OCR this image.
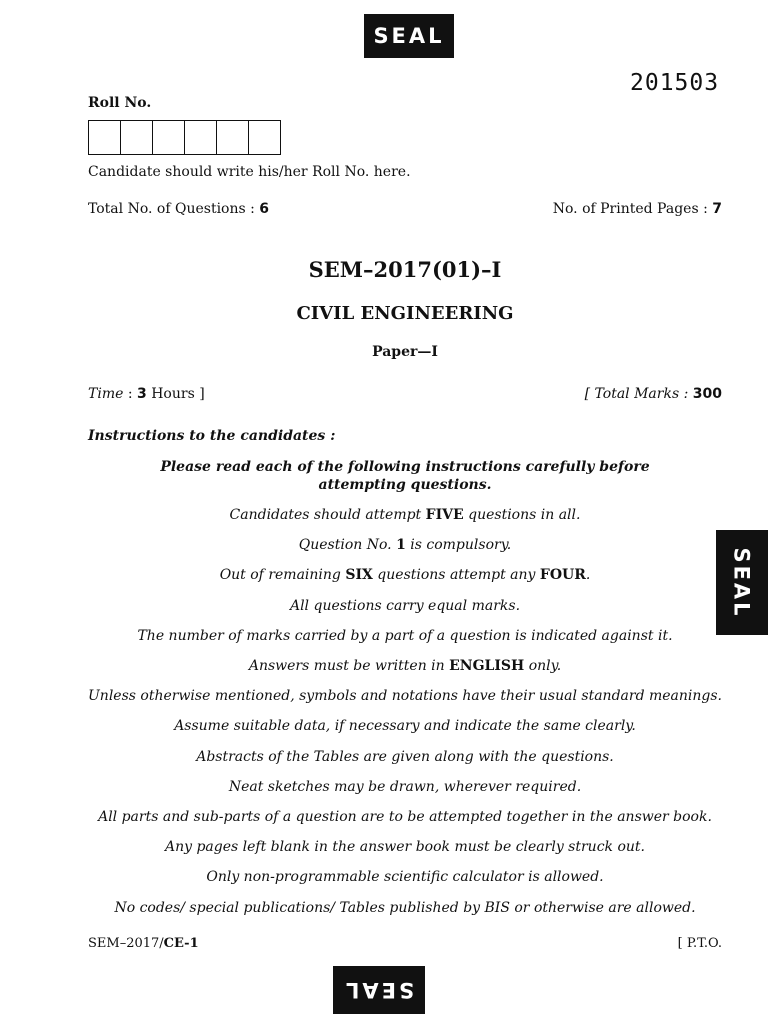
SEAL
SEAL
SEAL
201503
Roll No.
Candidate should write his/her Roll No. here.
Total No. of Questions : 6	No. of Printed Pages : 7
SEM–2017(01)–I
CIVIL ENGINEERING
Paper—I
Time : 3 Hours ]	[ Total Marks : 300
Instructions to the candidates :
Please read each of the following instructions carefully before attempting questions.
Candidates should attempt FIVE questions in all.
Question No. 1 is compulsory.
Out of remaining SIX questions attempt any FOUR.
All questions carry equal marks.
The number of marks carried by a part of a question is indicated against it.
Answers must be written in ENGLISH only.
Unless otherwise mentioned, symbols and notations have their usual standard meanings.
Assume suitable data, if necessary and indicate the same clearly.
Abstracts of the Tables are given along with the questions.
Neat sketches may be drawn, wherever required.
All parts and sub-parts of a question are to be attempted together in the answer book.
Any pages left blank in the answer book must be clearly struck out.
Only non-programmable scientific calculator is allowed.
No codes/ special publications/ Tables published by BIS or otherwise are allowed.
SEM–2017/CE-1	[ P.T.O.
